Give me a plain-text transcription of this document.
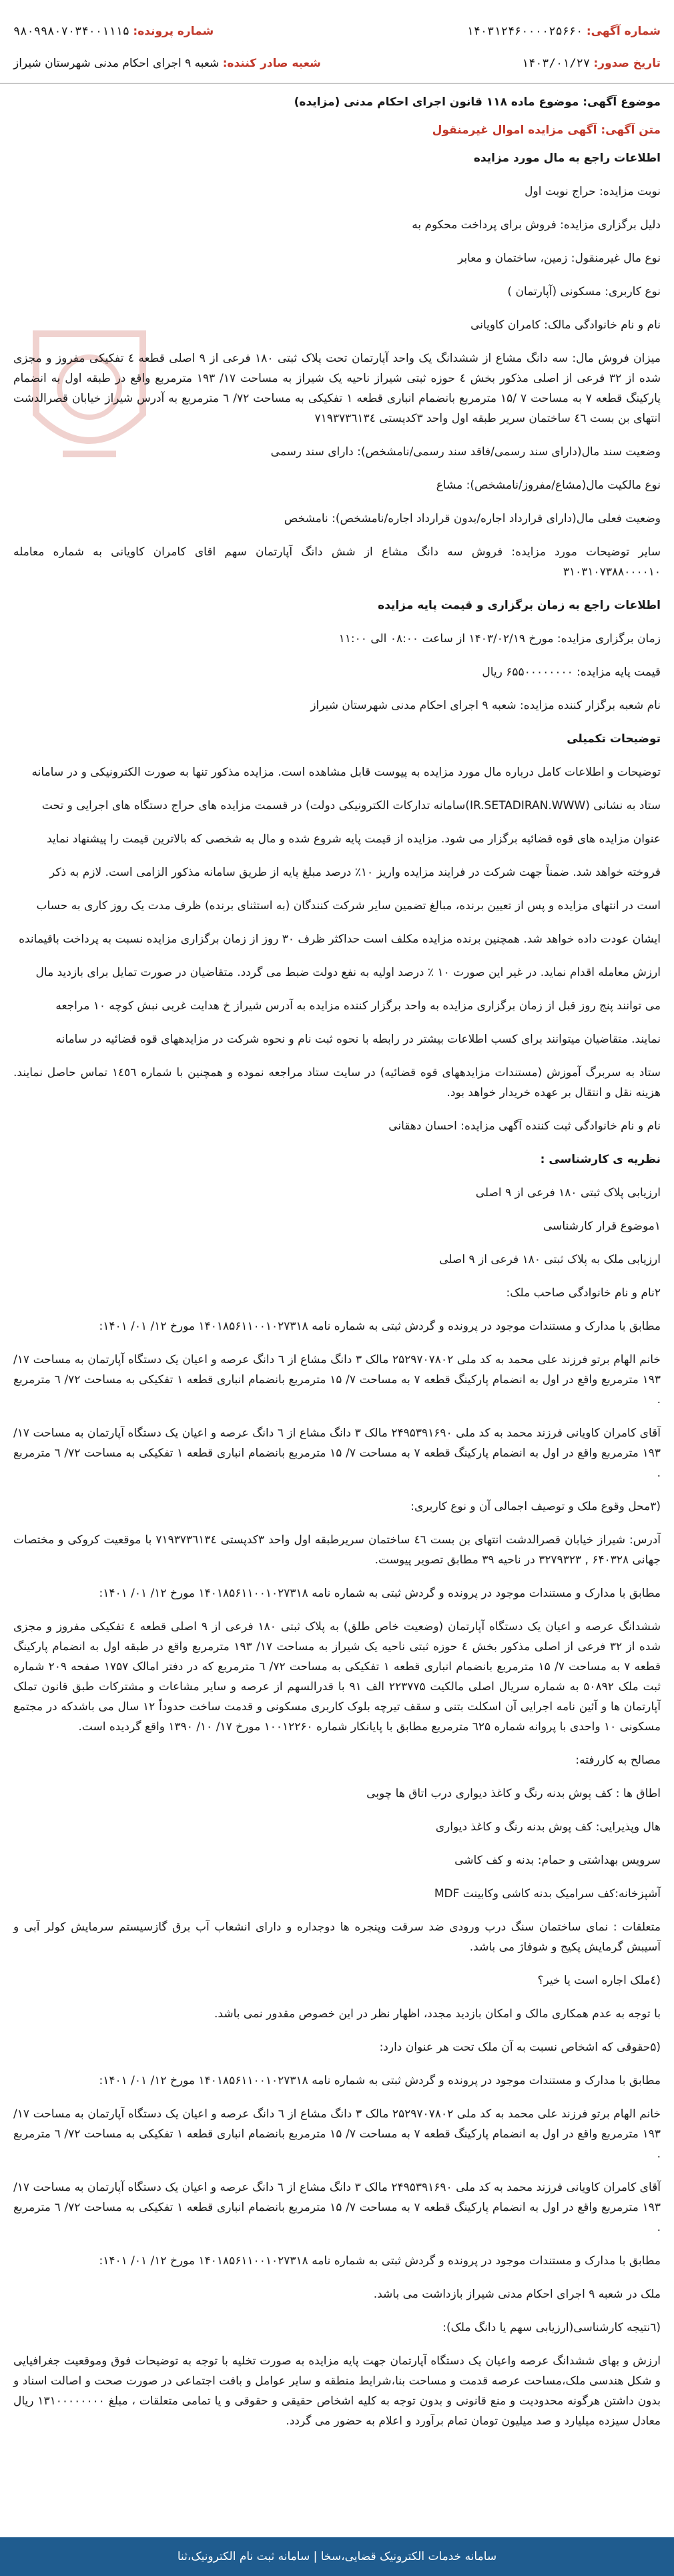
شماره آگهی: ۱۴۰۳۱۲۴۶۰۰۰۰۲۵۶۶۰
شماره پرونده: ۹۸۰۹۹۸۰۷۰۳۴۰۰۱۱۱۵
تاریخ صدور: ۱۴۰۳/۰۱/۲۷
شعبه صادر کننده: شعبه ۹ اجرای احکام مدنی شهرستان شیراز

موضوع آگهی: موضوع ماده ۱۱۸ قانون اجرای احکام مدنی (مزایده)

متن آگهی: آگهی مزایده اموال غیرمنقول

اطلاعات راجع به مال مورد مزایده

نوبت مزایده: حراج نوبت اول

دلیل برگزاری مزایده: فروش برای پرداخت محکوم به

نوع مال غیرمنقول: زمین، ساختمان و معابر

نوع کاربری: مسکونی (آپارتمان )

نام و نام خانوادگی مالک: کامران کاویانی

میزان فروش مال: سه دانگ مشاع از ششدانگ یک واحد آپارتمان تحت پلاک ثبتی ۱۸۰ فرعی از ۹ اصلی قطعه ٤ تفکیکی مفروز و مجزی شده از ۳۲ فرعی از اصلی مذکور بخش ٤ حوزه ثبتی شیراز ناحیه یک شیراز به مساحت ۱۷/ ۱۹۳ مترمربع واقع در طبقه اول به انضمام پارکینگ قطعه ۷ به مساحت ۷ /۱۵ مترمربع بانضمام انباری قطعه ۱ تفکیکی به مساحت ۷۲/ ٦ مترمربع به آدرس شیراز خیابان قصرالدشت انتهای بن بست ٤٦ ساختمان سریر طبقه اول واحد ۳کدپستی ۷۱۹۳۷۳٦۱۳٤

وضعیت سند مال(دارای سند رسمی/فاقد سند رسمی/نامشخص): دارای سند رسمی

نوع مالکیت مال(مشاع/مفروز/نامشخص): مشاع

وضعیت فعلی مال(دارای قرارداد اجاره/بدون قرارداد اجاره/نامشخص): نامشخص

سایر توضیحات مورد مزایده: فروش سه دانگ مشاع از شش دانگ آپارتمان سهم اقای کامران کاویانی به شماره معامله ۳۱۰۳۱۰۷۳۸۸۰۰۰۰۱۰

اطلاعات راجع به زمان برگزاری و قیمت پایه مزایده

زمان برگزاری مزایده: مورخ ۱۴۰۳/۰۲/۱۹ از ساعت ۰۸:۰۰ الی ۱۱:۰۰

قیمت پایه مزایده: ۶۵۵۰۰۰۰۰۰۰۰ ریال

نام شعبه برگزار کننده مزایده: شعبه ۹ اجرای احکام مدنی شهرستان شیراز

توضیحات تکمیلی

توضیحات و اطلاعات کامل درباره مال مورد مزایده به پیوست قابل مشاهده است. مزایده مذکور تنها به صورت الکترونیکی و در سامانه

ستاد به نشانی (IR.SETADIRAN.WWW)سامانه تدارکات الکترونیکی دولت) در قسمت مزایده های حراج دستگاه های اجرایی و تحت

عنوان مزایده های قوه قضائیه برگزار می شود. مزایده از قیمت پایه شروع شده و مال به شخصی که بالاترین قیمت را پیشنهاد نماید

فروخته خواهد شد. ضمناً جهت شرکت در فرایند مزایده واریز ۱۰٪ درصد مبلغ پایه از طریق سامانه مذکور الزامی است. لازم به ذکر

است در انتهای مزایده و پس از تعیین برنده، مبالغ تضمین سایر شرکت کنندگان (به استثنای برنده) ظرف مدت یک روز کاری به حساب

ایشان عودت داده خواهد شد. همچنین برنده مزایده مکلف است حداکثر ظرف ۳۰ روز از زمان برگزاری مزایده نسبت به پرداخت باقیمانده

ارزش معامله اقدام نماید. در غیر این صورت ۱۰ ٪ درصد اولیه به نفع دولت ضبط می گردد. متقاضیان در صورت تمایل برای بازدید مال

می توانند پنج روز قبل از زمان برگزاری مزایده به واحد برگزار کننده مزایده به آدرس شیراز خ هدایت غربی نبش کوچه ۱۰ مراجعه

نمایند. متقاضیان میتوانند برای کسب اطلاعات بیشتر در رابطه با نحوه ثبت نام و نحوه شرکت در مزایدههای قوه قضائیه در سامانه

ستاد به سربرگ آموزش (مستندات مزایدههای قوه قضائیه) در سایت ستاد مراجعه نموده و همچنین با شماره ۱٤٥٦ تماس حاصل نمایند. هزینه نقل و انتقال بر عهده خریدار خواهد بود.

نام و نام خانوادگی ثبت کننده آگهی مزایده: احسان دهقانی

نظریه ی کارشناسی :

ارزیابی پلاک ثبتی ۱۸۰ فرعی از ۹ اصلی

۱موضوع قرار کارشناسی

ارزیابی ملک به پلاک ثبتی ۱۸۰ فرعی از ۹ اصلی

۲نام و نام خانوادگی صاحب ملک:

مطابق با مدارک و مستندات موجود در پرونده و گردش ثبتی به شماره نامه ۱۴۰۱۸۵۶۱۱۰۰۱۰۲۷۳۱۸ مورخ ۱۲/ ۰۱/ ۱۴۰۱:

خانم الهام برتو فرزند علی محمد به کد ملی ۲۵۲۹۷۰۷۸۰۲ مالک ۳ دانگ مشاع از ٦ دانگ عرصه و اعیان یک دستگاه آپارتمان به مساحت ۱۷/ ۱۹۳ مترمربع واقع در اول به انضمام پارکینگ قطعه ۷ به مساحت ۷/ ۱۵ مترمربع بانضمام انباری قطعه ۱ تفکیکی به مساحت ۷۲/ ٦ مترمربع .

آقای کامران کاویانی فرزند محمد به کد ملی ۲۴۹۵۳۹۱۶۹۰ مالک ۳ دانگ مشاع از ٦ دانگ عرصه و اعیان یک دستگاه آپارتمان به مساحت ۱۷/ ۱۹۳ مترمربع واقع در اول به انضمام پارکینگ قطعه ۷ به مساحت ۷/ ۱۵ مترمربع بانضمام انباری قطعه ۱ تفکیکی به مساحت ۷۲/ ٦ مترمربع .

(۳محل وقوع ملک و توصیف اجمالی آن و نوع کاربری:

آدرس: شیراز خیابان قصرالدشت انتهای بن بست ٤٦ ساختمان سریرطبقه اول واحد ۳کدپستی ۷۱۹۳۷۳٦۱۳٤ با موقعیت کروکی و مختصات جهانی ۶۴۰۳۲۸ , ۳۲۷۹۳۲۳ در ناحیه ۳۹ مطابق تصویر پیوست.

مطابق با مدارک و مستندات موجود در پرونده و گردش ثبتی به شماره نامه ۱۴۰۱۸۵۶۱۱۰۰۱۰۲۷۳۱۸ مورخ ۱۲/ ۰۱/ ۱۴۰۱:

ششدانگ عرصه و اعیان یک دستگاه آپارتمان (وضعیت خاص طلق) به پلاک ثبتی ۱۸۰ فرعی از ۹ اصلی قطعه ٤ تفکیکی مفروز و مجزی شده از ۳۲ فرعی از اصلی مذکور بخش ٤ حوزه ثبتی ناحیه یک شیراز به مساحت ۱۷/ ۱۹۳ مترمربع واقع در طبقه اول به انضمام پارکینگ قطعه ۷ به مساحت ۷/ ۱۵ مترمربع بانضمام انباری قطعه ۱ تفکیکی به مساحت ۷۲/ ٦ مترمربع که در دفتر امالک ۱۷۵۷ صفحه ۲۰۹ شماره ثبت ملک ۵۰۸۹۲ به شماره سریال اصلی مالکیت ۲۲۳۷۷۵ الف ۹۱ با قدرالسهم از عرصه و سایر مشاعات و مشترکات طبق قانون تملک آپارتمان ها و آئین نامه اجرایی آن اسکلت بتنی و سقف تیرچه بلوک کاربری مسکونی و قدمت ساخت حدوداً ۱۲ سال می باشدکه در مجتمع مسکونی ۱۰ واحدی با پروانه شماره ٦۲۵ مترمربع مطابق با پایانکار شماره ۱۰۰۱۲۲۶۰ مورخ ۱۷/ ۱۰/ ۱۳۹۰ واقع گردیده است.

مصالح به کاررفته:

اطاق ها : کف پوش بدنه رنگ و کاغذ دیواری درب اتاق ها چوبی

هال وپذیرایی: کف پوش بدنه رنگ و کاغذ دیواری

سرویس بهداشتی و حمام: بدنه و کف کاشی

آشپزخانه:کف سرامیک بدنه کاشی وکابینت MDF

متعلقات : نمای ساختمان سنگ درب ورودی ضد سرقت وپنجره ها دوجداره و دارای انشعاب آب برق گازسیستم سرمایش کولر آبی و آسیبش گرمایش پکیج و شوفاژ می باشد.

(٤ملک اجاره است یا خیر؟

با توجه به عدم همکاری مالک و امکان بازدید مجدد، اظهار نظر در این خصوص مقدور نمی باشد.

(۵حقوقی که اشخاص نسبت به آن ملک تحت هر عنوان دارد:

مطابق با مدارک و مستندات موجود در پرونده و گردش ثبتی به شماره نامه ۱۴۰۱۸۵۶۱۱۰۰۱۰۲۷۳۱۸ مورخ ۱۲/ ۰۱/ ۱۴۰۱:

خانم الهام برتو فرزند علی محمد به کد ملی ۲۵۲۹۷۰۷۸۰۲ مالک ۳ دانگ مشاع از ٦ دانگ عرصه و اعیان یک دستگاه آپارتمان به مساحت ۱۷/ ۱۹۳ مترمربع واقع در اول به انضمام پارکینگ قطعه ۷ به مساحت ۷/ ۱۵ مترمربع بانضمام انباری قطعه ۱ تفکیکی به مساحت ۷۲/ ٦ مترمربع .

آقای کامران کاویانی فرزند محمد به کد ملی ۲۴۹۵۳۹۱۶۹۰ مالک ۳ دانگ مشاع از ٦ دانگ عرصه و اعیان یک دستگاه آپارتمان به مساحت ۱۷/ ۱۹۳ مترمربع واقع در اول به انضمام پارکینگ قطعه ۷ به مساحت ۷/ ۱۵ مترمربع بانضمام انباری قطعه ۱ تفکیکی به مساحت ۷۲/ ٦ مترمربع .

مطابق با مدارک و مستندات موجود در پرونده و گردش ثبتی به شماره نامه ۱۴۰۱۸۵۶۱۱۰۰۱۰۲۷۳۱۸ مورخ ۱۲/ ۰۱/ ۱۴۰۱:

ملک در شعبه ۹ اجرای احکام مدنی شیراز بازداشت می باشد.

(٦نتیجه کارشناسی(ارزیابی سهم یا دانگ ملک):

ارزش و بهای ششدانگ عرصه واعیان یک دستگاه آپارتمان جهت پایه مزایده به صورت تخلیه با توجه به توضیحات فوق وموقعیت جغرافیایی و شکل هندسی ملک،مساحت عرصه قدمت و مساحت بنا،شرایط منطقه و سایر عوامل و بافت اجتماعی در صورت صحت و اصالت اسناد و بدون داشتن هرگونه محدودیت و منع قانونی و بدون توجه به کلیه اشخاص حقیقی و حقوقی و یا تمامی متعلقات ، مبلغ ۱۳۱۰۰۰۰۰۰۰۰ ریال معادل سیزده میلیارد و صد میلیون تومان تمام برآورد و اعلام به حضور می گردد.

سامانه خدمات الکترونیک قضایی،سخا | سامانه ثبت نام الکترونیک،ثنا
